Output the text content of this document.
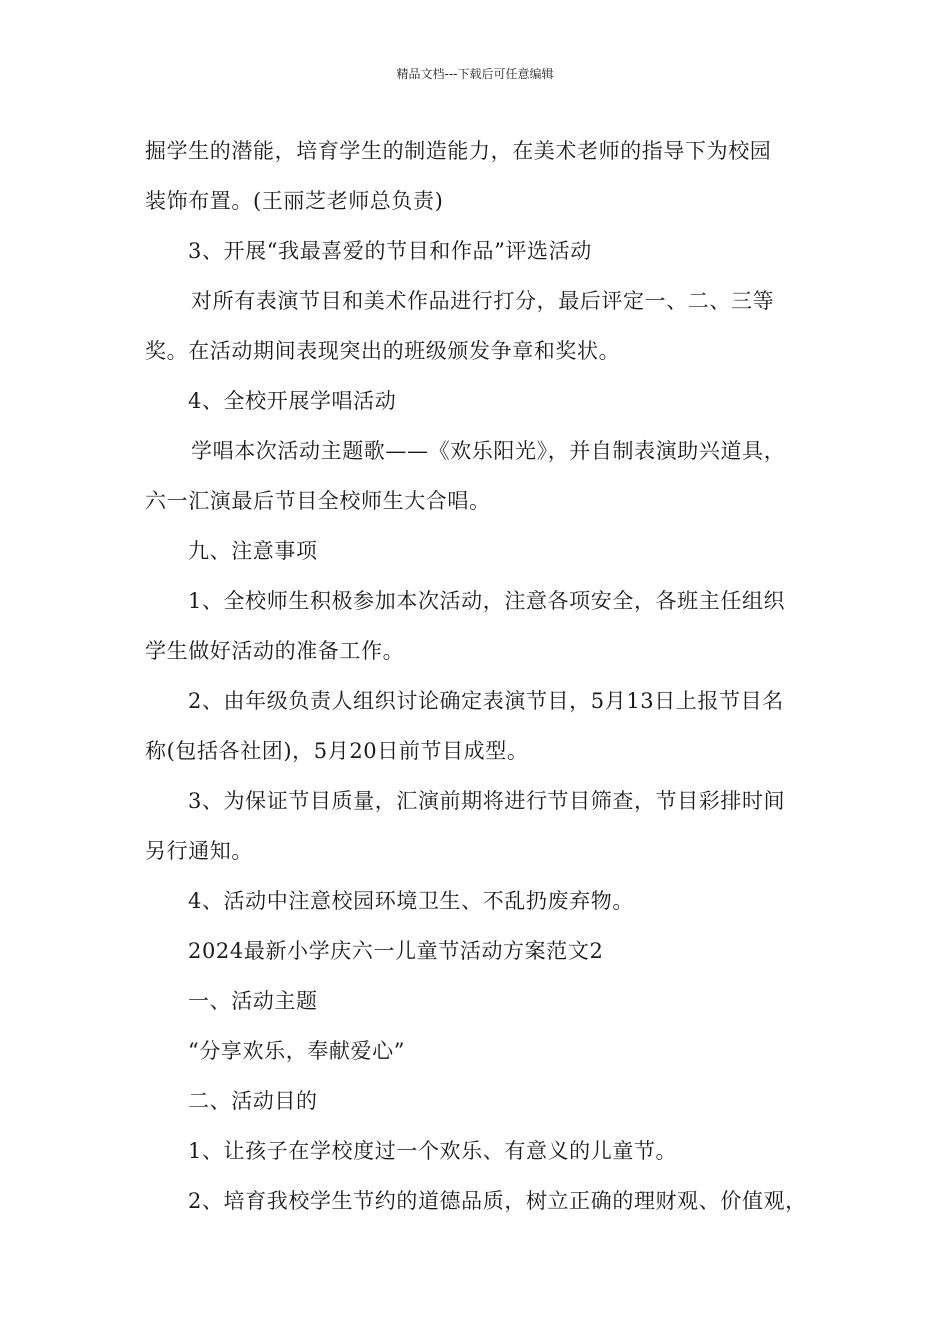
精品文档---下载后可任意编辑
掘学生的潜能，培育学生的制造能力，在美术老师的指导下为校园
装饰布置。(王丽芝老师总负责)
3、开展“我最喜爱的节目和作品”评选活动
对所有表演节目和美术作品进行打分，最后评定一、二、三等
奖。在活动期间表现突出的班级颁发争章和奖状。
4、全校开展学唱活动
学唱本次活动主题歌——《欢乐阳光》，并自制表演助兴道具，
六一汇演最后节目全校师生大合唱。
九、注意事项
1、全校师生积极参加本次活动，注意各项安全，各班主任组织
学生做好活动的准备工作。
2、由年级负责人组织讨论确定表演节目，5月13日上报节目名
称(包括各社团)，5月20日前节目成型。
3、为保证节目质量，汇演前期将进行节目筛查，节目彩排时间
另行通知。
4、活动中注意校园环境卫生、不乱扔废弃物。
2024最新小学庆六一儿童节活动方案范文2
一、活动主题
“分享欢乐，奉献爱心”
二、活动目的
1、让孩子在学校度过一个欢乐、有意义的儿童节。
2、培育我校学生节约的道德品质，树立正确的理财观、价值观，
